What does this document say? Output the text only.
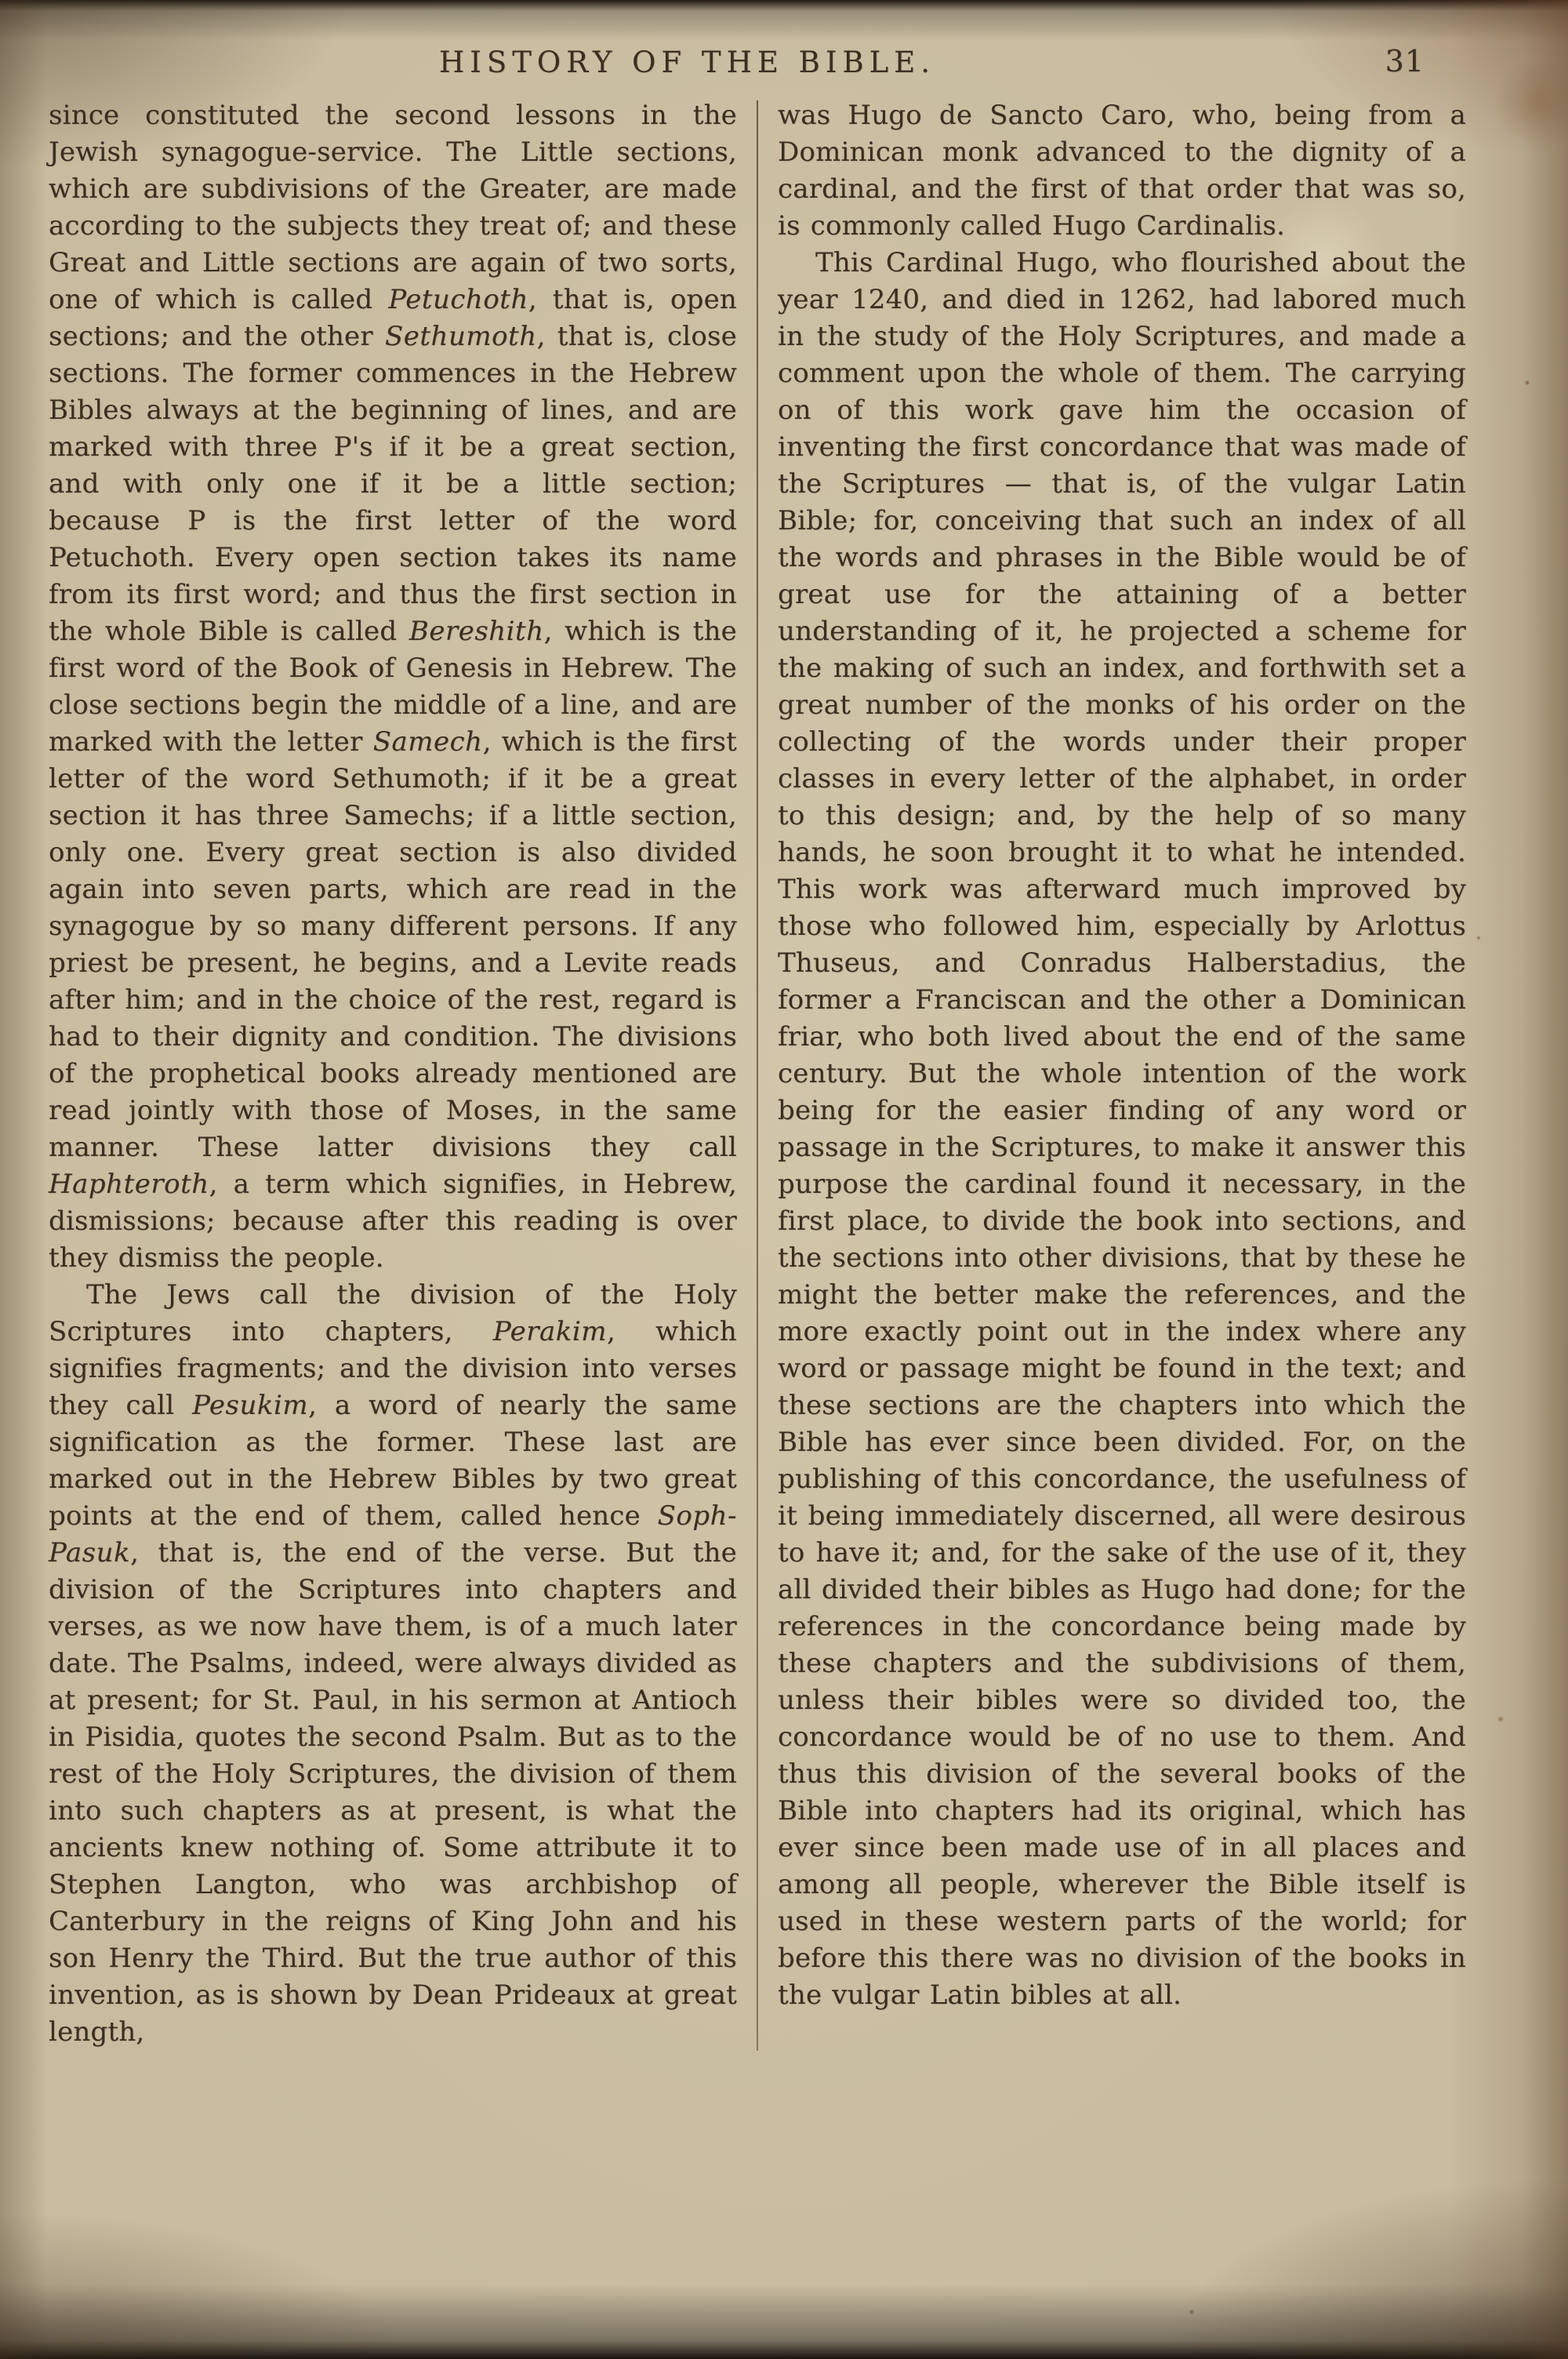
HISTORY OF THE BIBLE.	31

since constituted the second lessons in the Jewish synagogue-service. The Little sections, which are subdivisions of the Greater, are made according to the subjects they treat of; and these Great and Little sections are again of two sorts, one of which is called Petuchoth, that is, open sections; and the other Sethumoth, that is, close sections. The former commences in the Hebrew Bibles always at the beginning of lines, and are marked with three P's if it be a great section, and with only one if it be a little section; because P is the first letter of the word Petuchoth. Every open section takes its name from its first word; and thus the first section in the whole Bible is called Bereshith, which is the first word of the Book of Genesis in Hebrew. The close sections begin the middle of a line, and are marked with the letter Samech, which is the first letter of the word Sethumoth; if it be a great section it has three Samechs; if a little section, only one. Every great section is also divided again into seven parts, which are read in the synagogue by so many different persons. If any priest be present, he begins, and a Levite reads after him; and in the choice of the rest, regard is had to their dignity and condition. The divisions of the prophetical books already mentioned are read jointly with those of Moses, in the same manner. These latter divisions they call Haphteroth, a term which signifies, in Hebrew, dismissions; because after this reading is over they dismiss the people.

The Jews call the division of the Holy Scriptures into chapters, Perakim, which signifies fragments; and the division into verses they call Pesukim, a word of nearly the same signification as the former. These last are marked out in the Hebrew Bibles by two great points at the end of them, called hence Soph-Pasuk, that is, the end of the verse. But the division of the Scriptures into chapters and verses, as we now have them, is of a much later date. The Psalms, indeed, were always divided as at present; for St. Paul, in his sermon at Antioch in Pisidia, quotes the second Psalm. But as to the rest of the Holy Scriptures, the division of them into such chapters as at present, is what the ancients knew nothing of. Some attribute it to Stephen Langton, who was archbishop of Canterbury in the reigns of King John and his son Henry the Third. But the true author of this invention, as is shown by Dean Prideaux at great length,

was Hugo de Sancto Caro, who, being from a Dominican monk advanced to the dignity of a cardinal, and the first of that order that was so, is commonly called Hugo Cardinalis.

This Cardinal Hugo, who flourished about the year 1240, and died in 1262, had labored much in the study of the Holy Scriptures, and made a comment upon the whole of them. The carrying on of this work gave him the occasion of inventing the first concordance that was made of the Scriptures — that is, of the vulgar Latin Bible; for, conceiving that such an index of all the words and phrases in the Bible would be of great use for the attaining of a better understanding of it, he projected a scheme for the making of such an index, and forthwith set a great number of the monks of his order on the collecting of the words under their proper classes in every letter of the alphabet, in order to this design; and, by the help of so many hands, he soon brought it to what he intended. This work was afterward much improved by those who followed him, especially by Arlottus Thuseus, and Conradus Halberstadius, the former a Franciscan and the other a Dominican friar, who both lived about the end of the same century. But the whole intention of the work being for the easier finding of any word or passage in the Scriptures, to make it answer this purpose the cardinal found it necessary, in the first place, to divide the book into sections, and the sections into other divisions, that by these he might the better make the references, and the more exactly point out in the index where any word or passage might be found in the text; and these sections are the chapters into which the Bible has ever since been divided. For, on the publishing of this concordance, the usefulness of it being immediately discerned, all were desirous to have it; and, for the sake of the use of it, they all divided their bibles as Hugo had done; for the references in the concordance being made by these chapters and the subdivisions of them, unless their bibles were so divided too, the concordance would be of no use to them. And thus this division of the several books of the Bible into chapters had its original, which has ever since been made use of in all places and among all people, wherever the Bible itself is used in these western parts of the world; for before this there was no division of the books in the vulgar Latin bibles at all.
